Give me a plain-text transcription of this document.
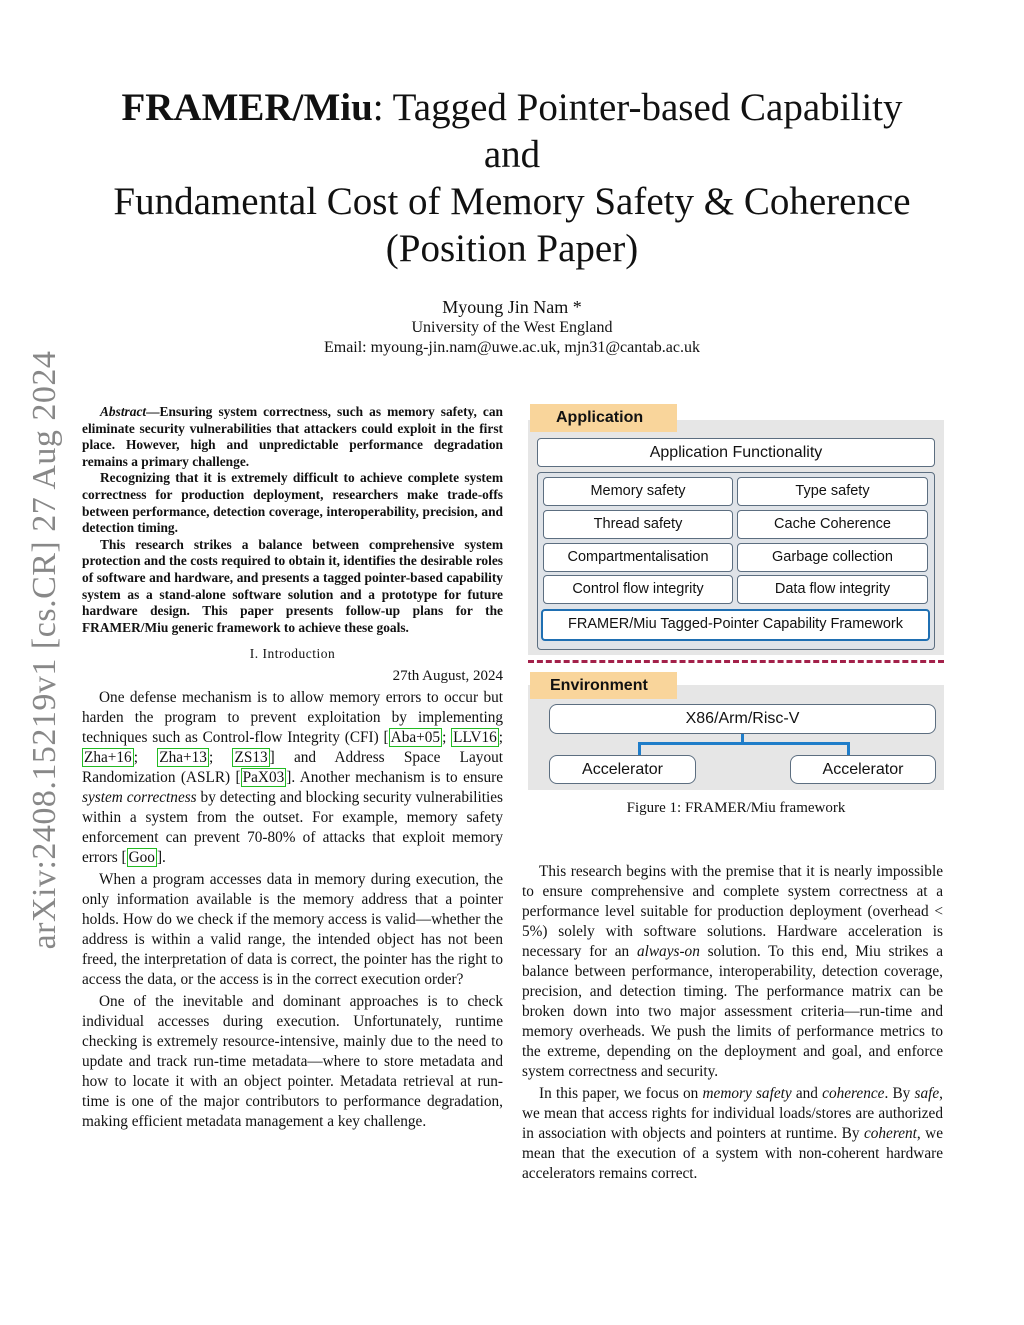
arXiv:2408.15219v1 [cs.CR] 27 Aug 2024
FRAMER/Miu: Tagged Pointer-based Capability
and
Fundamental Cost of Memory Safety & Coherence
(Position Paper)
Myoung Jin Nam *
University of the West England
Email: myoung-jin.nam@uwe.ac.uk, mjn31@cantab.ac.uk

Abstract—Ensuring system correctness, such as memory safety, can eliminate security vulnerabilities that attackers could exploit in the first place. However, high and unpredictable performance degradation remains a primary challenge.

Recognizing that it is extremely difficult to achieve complete system correctness for production deployment, researchers make trade-offs between performance, detection coverage, interoperability, precision, and detection timing.

This research strikes a balance between comprehensive system protection and the costs required to obtain it, identifies the desirable roles of software and hardware, and presents a tagged pointer-based capability system as a stand-alone software solution and a prototype for future hardware design. This paper presents follow-up plans for the FRAMER/Miu generic framework to achieve these goals.

I. Introduction
27th August, 2024

One defense mechanism is to allow memory errors to occur but harden the program to prevent exploitation by implementing techniques such as Control-flow Integrity (CFI) [ Aba+05 ; LLV16 ; Zha+16 ; Zha+13 ; ZS13 ] and Address Space Layout Randomization (ASLR) [ PaX03 ]. Another mechanism is to ensure system correctness by detecting and blocking security vulnerabilities within a system from the outset. For example, memory safety enforcement can prevent 70-80% of attacks that exploit memory errors [ Goo ].

When a program accesses data in memory during execution, the only information available is the memory address that a pointer holds. How do we check if the memory access is valid—whether the address is within a valid range, the intended object has not been freed, the interpretation of data is correct, the pointer has the right to access the data, or the access is in the correct execution order?

One of the inevitable and dominant approaches is to check individual accesses during execution. Unfortunately, runtime checking is extremely resource-intensive, mainly due to the need to update and track run-time metadata—where to store metadata and how to locate it with an object pointer. Metadata retrieval at run-time is one of the major contributors to performance degradation, making efficient metadata management a key challenge.

Application
Application Functionality
Memory safety	Type safety
Thread safety	Cache Coherence
Compartmentalisation	Garbage collection
Control flow integrity	Data flow integrity
FRAMER/Miu Tagged-Pointer Capability Framework
Environment
X86/Arm/Risc-V
Accelerator	Accelerator
Figure 1: FRAMER/Miu framework

This research begins with the premise that it is nearly impossible to ensure comprehensive and complete system correctness at a performance level suitable for production deployment (overhead < 5%) solely with software solutions. Hardware acceleration is necessary for an always-on solution. To this end, Miu strikes a balance between performance, interoperability, detection coverage, precision, and detection timing. The performance matrix can be broken down into two major assessment criteria—run-time and memory overheads. We push the limits of performance metrics to the extreme, depending on the deployment and goal, and enforce system correctness and security.

In this paper, we focus on memory safety and coherence. By safe, we mean that access rights for individual loads/stores are authorized in association with objects and pointers at runtime. By coherent, we mean that the execution of a system with non-coherent hardware accelerators remains correct.
